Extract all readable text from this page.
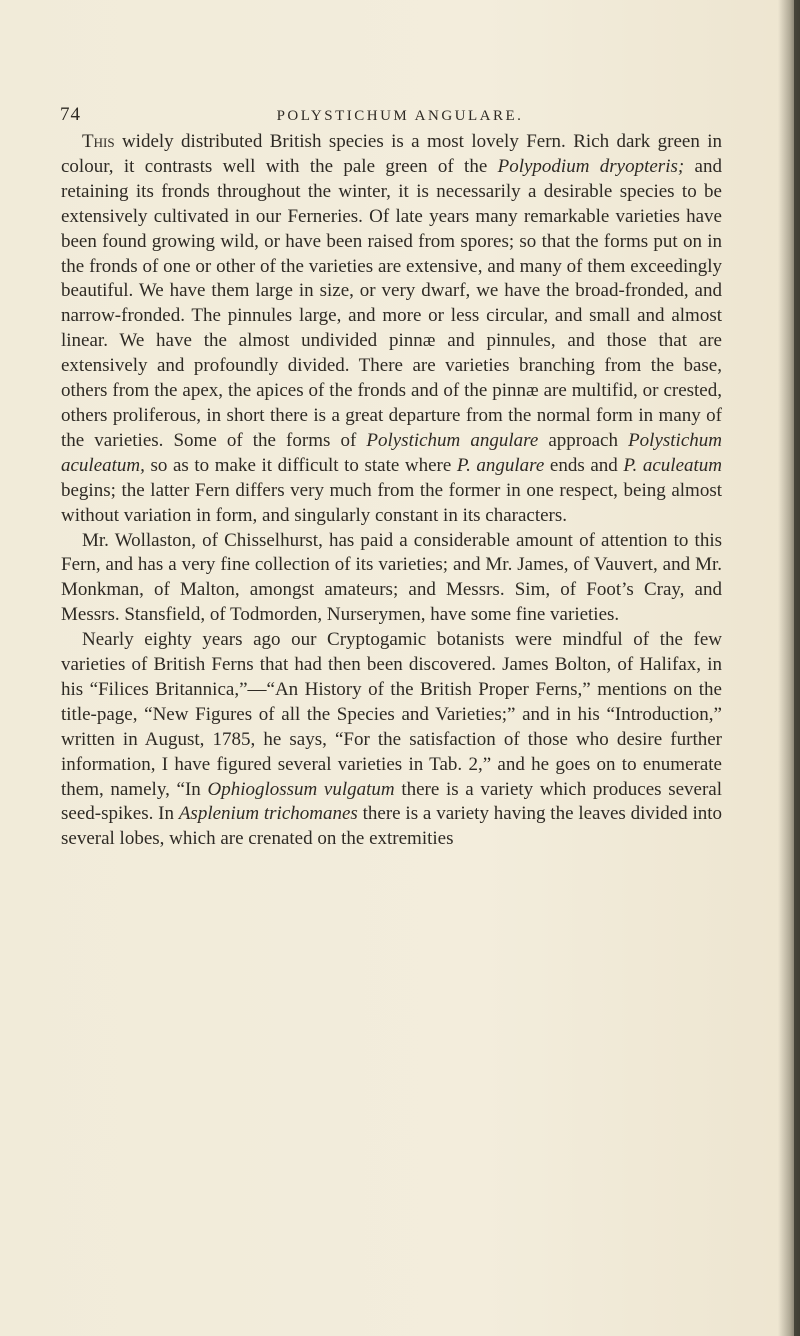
74	POLYSTICHUM ANGULARE.

This widely distributed British species is a most lovely Fern. Rich dark green in colour, it contrasts well with the pale green of the Polypodium dryopteris; and retaining its fronds throughout the winter, it is necessarily a desirable species to be extensively cultivated in our Ferneries. Of late years many remarkable varieties have been found growing wild, or have been raised from spores; so that the forms put on in the fronds of one or other of the varieties are extensive, and many of them exceedingly beautiful. We have them large in size, or very dwarf, we have the broad-fronded, and narrow-fronded. The pinnules large, and more or less circular, and small and almost linear. We have the almost undivided pinnæ and pinnules, and those that are extensively and profoundly divided. There are varieties branching from the base, others from the apex, the apices of the fronds and of the pinnæ are multifid, or crested, others proliferous, in short there is a great departure from the normal form in many of the varieties. Some of the forms of Polystichum angulare approach Polystichum aculeatum, so as to make it difficult to state where P. angulare ends and P. aculeatum begins; the latter Fern differs very much from the former in one respect, being almost without variation in form, and singularly constant in its characters.

Mr. Wollaston, of Chisselhurst, has paid a considerable amount of attention to this Fern, and has a very fine collection of its varieties; and Mr. James, of Vauvert, and Mr. Monkman, of Malton, amongst amateurs; and Messrs. Sim, of Foot’s Cray, and Messrs. Stansfield, of Todmorden, Nurserymen, have some fine varieties.

Nearly eighty years ago our Cryptogamic botanists were mindful of the few varieties of British Ferns that had then been discovered. James Bolton, of Halifax, in his “Filices Britannica,”—“An History of the British Proper Ferns,” mentions on the title-page, “New Figures of all the Species and Varieties;” and in his “Introduction,” written in August, 1785, he says, “For the satisfaction of those who desire further information, I have figured several varieties in Tab. 2,” and he goes on to enumerate them, namely, “In Ophioglossum vulgatum there is a variety which produces several seed-spikes. In Asplenium trichomanes there is a variety having the leaves divided into several lobes, which are crenated on the extremities
